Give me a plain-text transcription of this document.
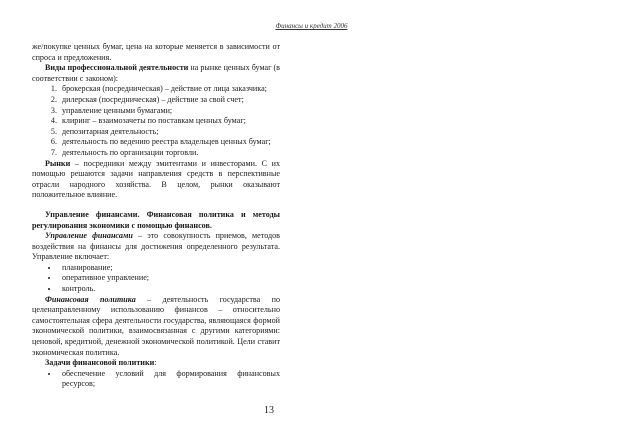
Финансы и кредит 2006

же/покупке ценных бумаг, цена на которые меняется в зависимости от спроса и предложения.

Виды профессиональной деятельности на рынке ценных бумаг (в соответствии с законом):

1. брокерская (посредническая) – действие от лица заказчика;
2. дилерская (посредническая) – действие за свой счет;
3. управление ценными бумагами;
4. клиринг – взаимозачеты по поставкам ценных бумаг;
5. депозитарная деятельность;
6. деятельность по ведению реестра владельцев ценных бумаг;
7. деятельность по организации торговли.

Рынки – посредники между эмитентами и инвесторами. С их помощью решаются задачи направления средств в перспективные отрасли народного хозяйства. В целом, рынки оказывают положительное влияние.

Управление финансами. Финансовая политика и методы регулирования экономики с помощью финансов.

Управление финансами – это совокупность приемов, методов воздействия на финансы для достижения определенного результата. Управление включает:

• планирование;
• оперативное управление;
• контроль.

Финансовая политика – деятельность государства по целенаправленному использованию финансов – относительно самостоятельная сфера деятельности государства, являющаяся формой экономической политики, взаимосвязанная с другими категориями: ценовой, кредитной, денежной экономической политикой. Цели ставит экономическая политика.

Задачи финансовой политики:

• обеспечение условий для формирования финансовых ресурсов;
13
